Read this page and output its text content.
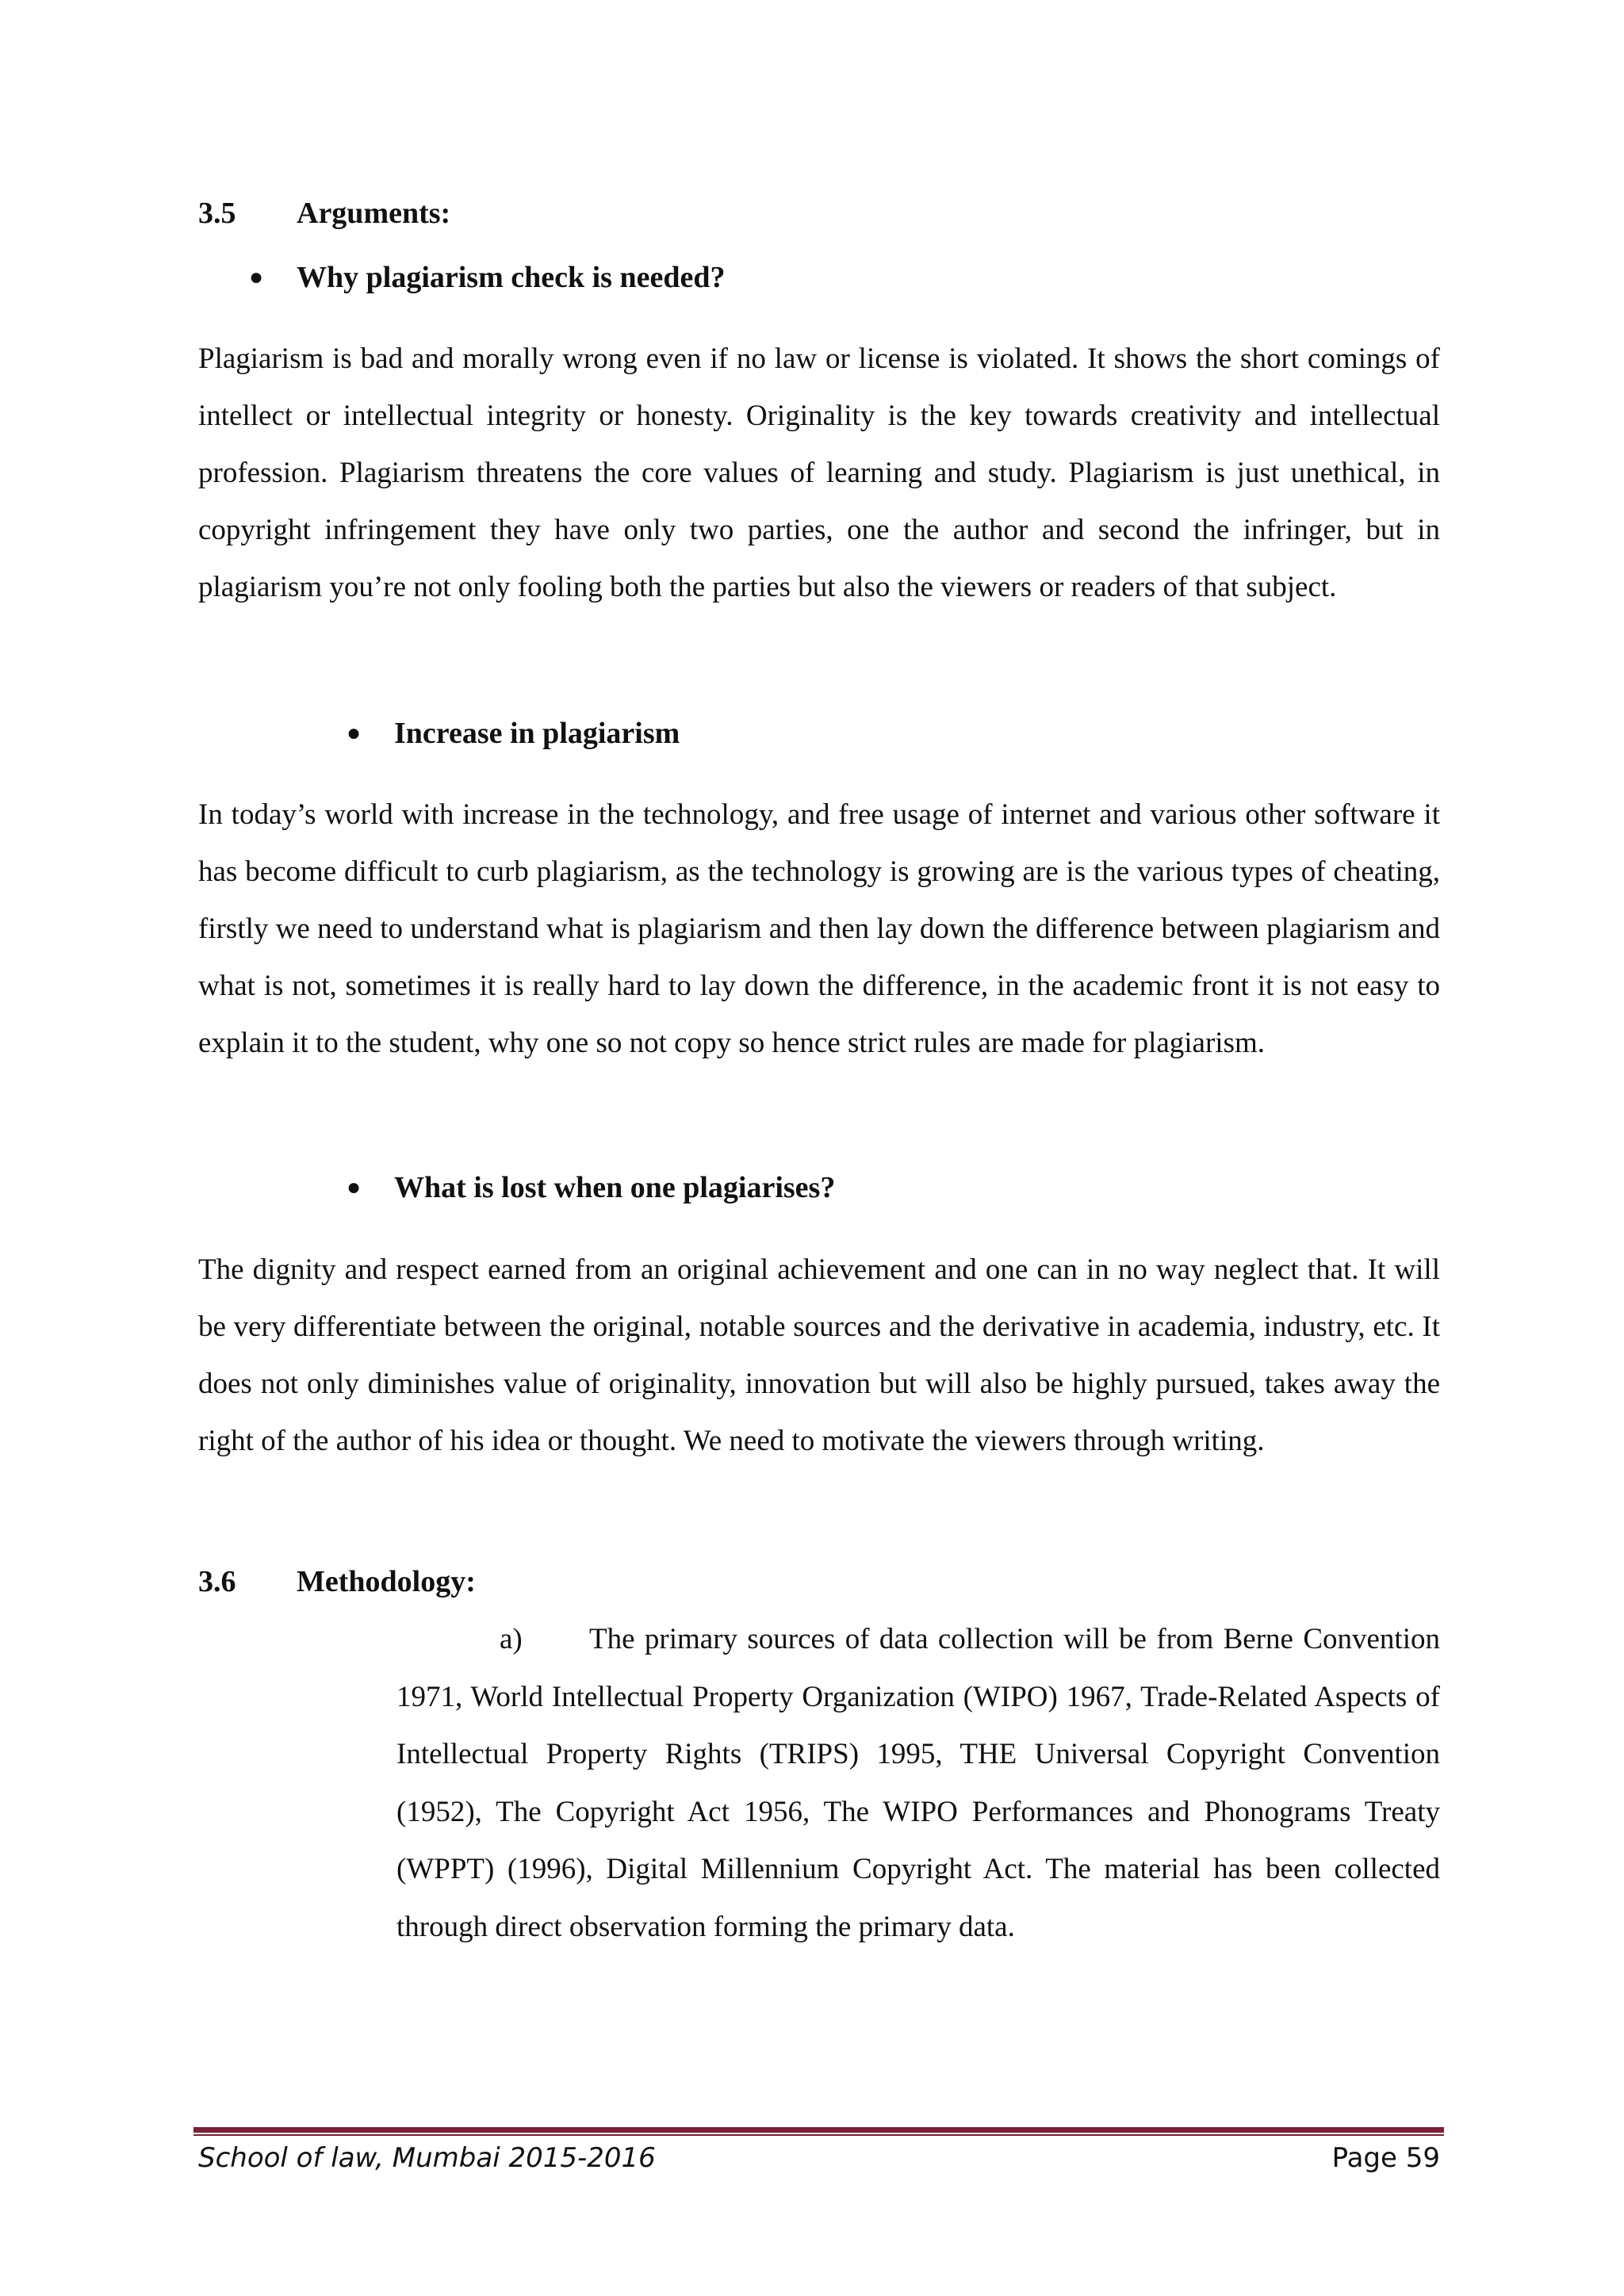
3.5 Arguments:
● Why plagiarism check is needed?

Plagiarism is bad and morally wrong even if no law or license is violated. It shows the short comings of intellect or intellectual integrity or honesty. Originality is the key towards creativity and intellectual profession. Plagiarism threatens the core values of learning and study. Plagiarism is just unethical, in copyright infringement they have only two parties, one the author and second the infringer, but in plagiarism you’re not only fooling both the parties but also the viewers or readers of that subject.

● Increase in plagiarism

In today’s world with increase in the technology, and free usage of internet and various other software it has become difficult to curb plagiarism, as the technology is growing are is the various types of cheating, firstly we need to understand what is plagiarism and then lay down the difference between plagiarism and what is not, sometimes it is really hard to lay down the difference, in the academic front it is not easy to explain it to the student, why one so not copy so hence strict rules are made for plagiarism.

● What is lost when one plagiarises?

The dignity and respect earned from an original achievement and one can in no way neglect that. It will be very differentiate between the original, notable sources and the derivative in academia, industry, etc. It does not only diminishes value of originality, innovation but will also be highly pursued, takes away the right of the author of his idea or thought. We need to motivate the viewers through writing.

3.6 Methodology:

a) The primary sources of data collection will be from Berne Convention 1971, World Intellectual Property Organization (WIPO) 1967, Trade-Related Aspects of Intellectual Property Rights (TRIPS) 1995, THE Universal Copyright Convention (1952), The Copyright Act 1956, The WIPO Performances and Phonograms Treaty (WPPT) (1996), Digital Millennium Copyright Act. The material has been collected through direct observation forming the primary data.

School of law, Mumbai 2015-2016	Page 59
